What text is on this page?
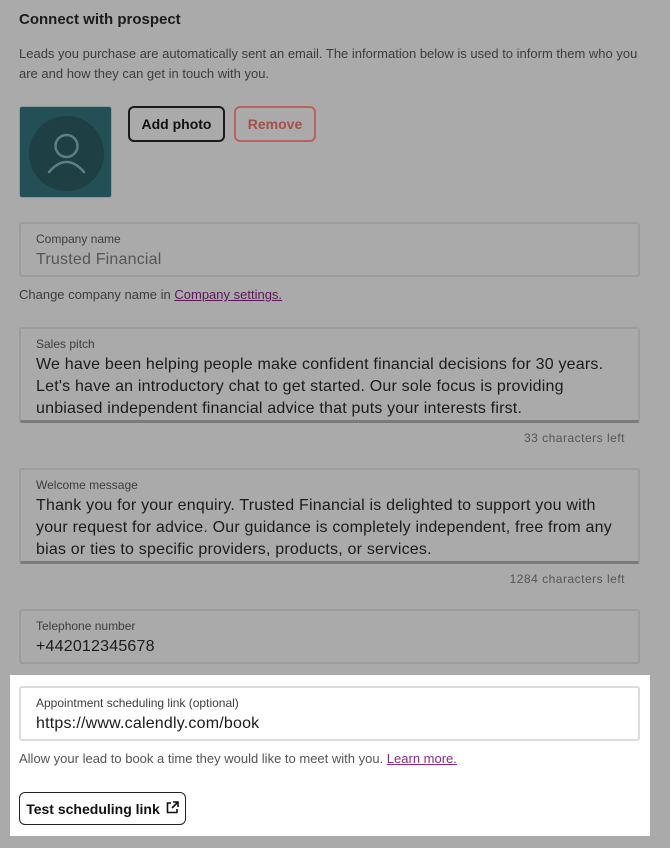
Connect with prospect
Leads you purchase are automatically sent an email. The information below is used to inform them who you are and how they can get in touch with you.
Add photo	Remove
Company name
Trusted Financial
Change company name in Company settings.
Sales pitch
We have been helping people make confident financial decisions for 30 years. Let's have an introductory chat to get started. Our sole focus is providing unbiased independent financial advice that puts your interests first.
33 characters left
Welcome message
Thank you for your enquiry. Trusted Financial is delighted to support you with your request for advice. Our guidance is completely independent, free from any bias or ties to specific providers, products, or services.
1284 characters left
Telephone number
+442012345678
Appointment scheduling link (optional)
https://www.calendly.com/book
Allow your lead to book a time they would like to meet with you. Learn more.
Test scheduling link
